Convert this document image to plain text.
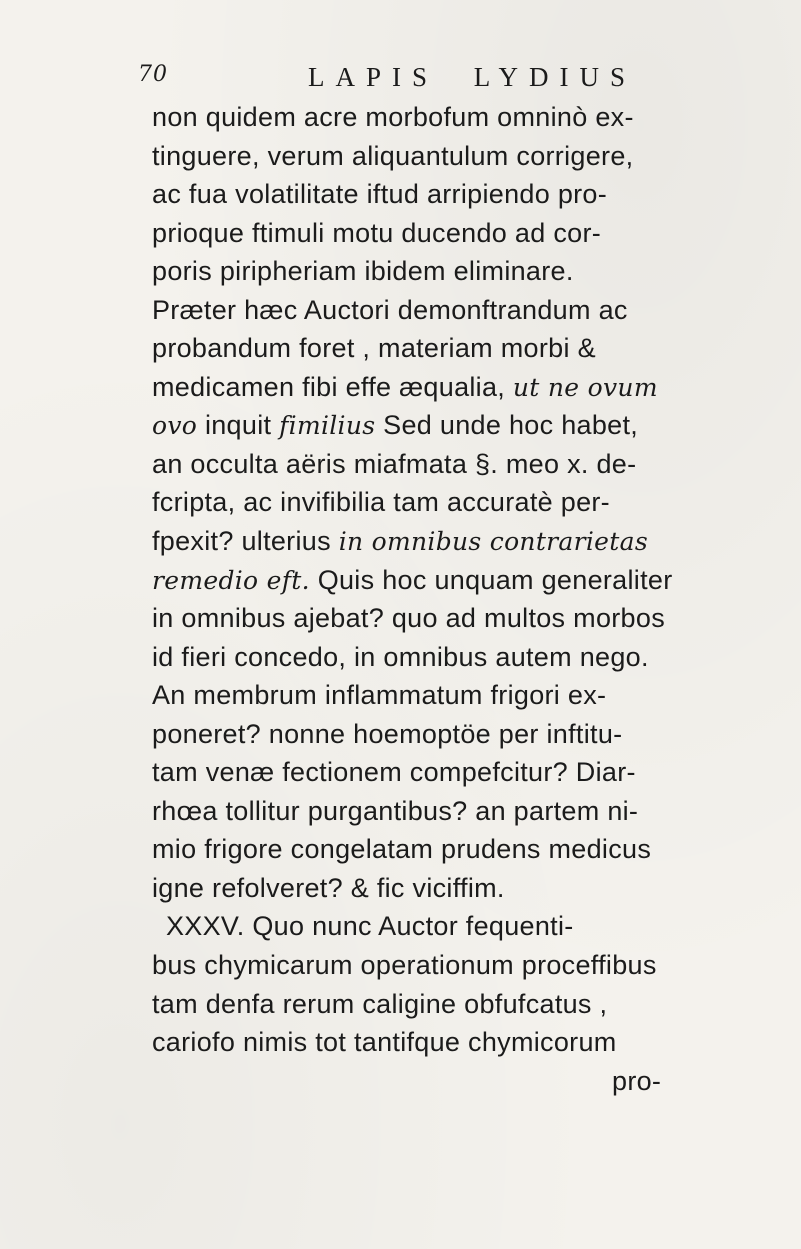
70	LAPIS LYDIUS
non quidem acre morbofum omninò ex-
tinguere, verum aliquantulum corrigere,
ac fua volatilitate iftud arripiendo pro-
prioque ftimuli motu ducendo ad cor-
poris piripheriam ibidem eliminare.
Præter hæc Auctori demonftrandum ac
probandum foret , materiam morbi &
medicamen fibi effe æqualia, ut ne ovum
ovo inquit fimilius Sed unde hoc habet,
an occulta aëris miafmata §. meo x. de-
fcripta, ac invifibilia tam accuratè per-
fpexit? ulterius in omnibus contrarietas
remedio eft. Quis hoc unquam generaliter
in omnibus ajebat? quo ad multos morbos
id fieri concedo, in omnibus autem nego.
An membrum inflammatum frigori ex-
poneret? nonne hoemoptöe per inftitu-
tam venæ fectionem compefcitur? Diar-
rhœa tollitur purgantibus? an partem ni-
mio frigore congelatam prudens medicus
igne refolveret? & fic viciffim.
XXXV. Quo nunc Auctor fequenti-
bus chymicarum operationum proceffibus
tam denfa rerum caligine obfufcatus ,
cariofo nimis tot tantifque chymicorum
pro-
